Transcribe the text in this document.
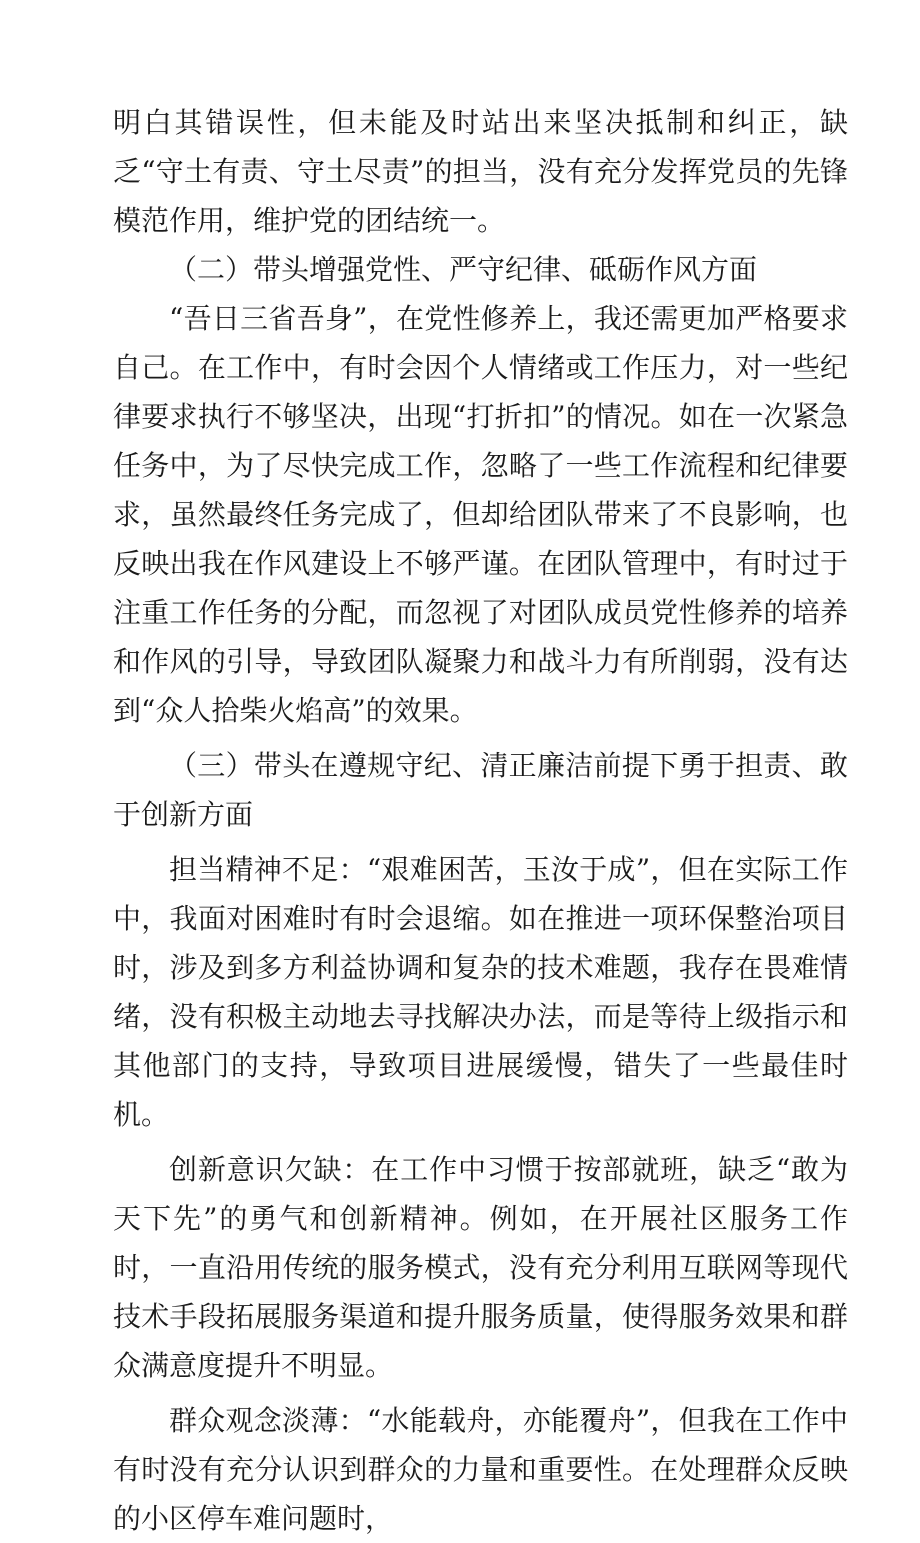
明白其错误性，但未能及时站出来坚决抵制和纠正，缺乏“守土有责、守土尽责”的担当，没有充分发挥党员的先锋模范作用，维护党的团结统一。

（二）带头增强党性、严守纪律、砥砺作风方面

“吾日三省吾身”，在党性修养上，我还需更加严格要求自己。在工作中，有时会因个人情绪或工作压力，对一些纪律要求执行不够坚决，出现“打折扣”的情况。如在一次紧急任务中，为了尽快完成工作，忽略了一些工作流程和纪律要求，虽然最终任务完成了，但却给团队带来了不良影响，也反映出我在作风建设上不够严谨。在团队管理中，有时过于注重工作任务的分配，而忽视了对团队成员党性修养的培养和作风的引导，导致团队凝聚力和战斗力有所削弱，没有达到“众人拾柴火焰高”的效果。

（三）带头在遵规守纪、清正廉洁前提下勇于担责、敢于创新方面

担当精神不足：“艰难困苦，玉汝于成”，但在实际工作中，我面对困难时有时会退缩。如在推进一项环保整治项目时，涉及到多方利益协调和复杂的技术难题，我存在畏难情绪，没有积极主动地去寻找解决办法，而是等待上级指示和其他部门的支持，导致项目进展缓慢，错失了一些最佳时机。

创新意识欠缺：在工作中习惯于按部就班，缺乏“敢为天下先”的勇气和创新精神。例如，在开展社区服务工作时，一直沿用传统的服务模式，没有充分利用互联网等现代技术手段拓展服务渠道和提升服务质量，使得服务效果和群众满意度提升不明显。

群众观念淡薄：“水能载舟，亦能覆舟”，但我在工作中有时没有充分认识到群众的力量和重要性。在处理群众反映的小区停车难问题时，
